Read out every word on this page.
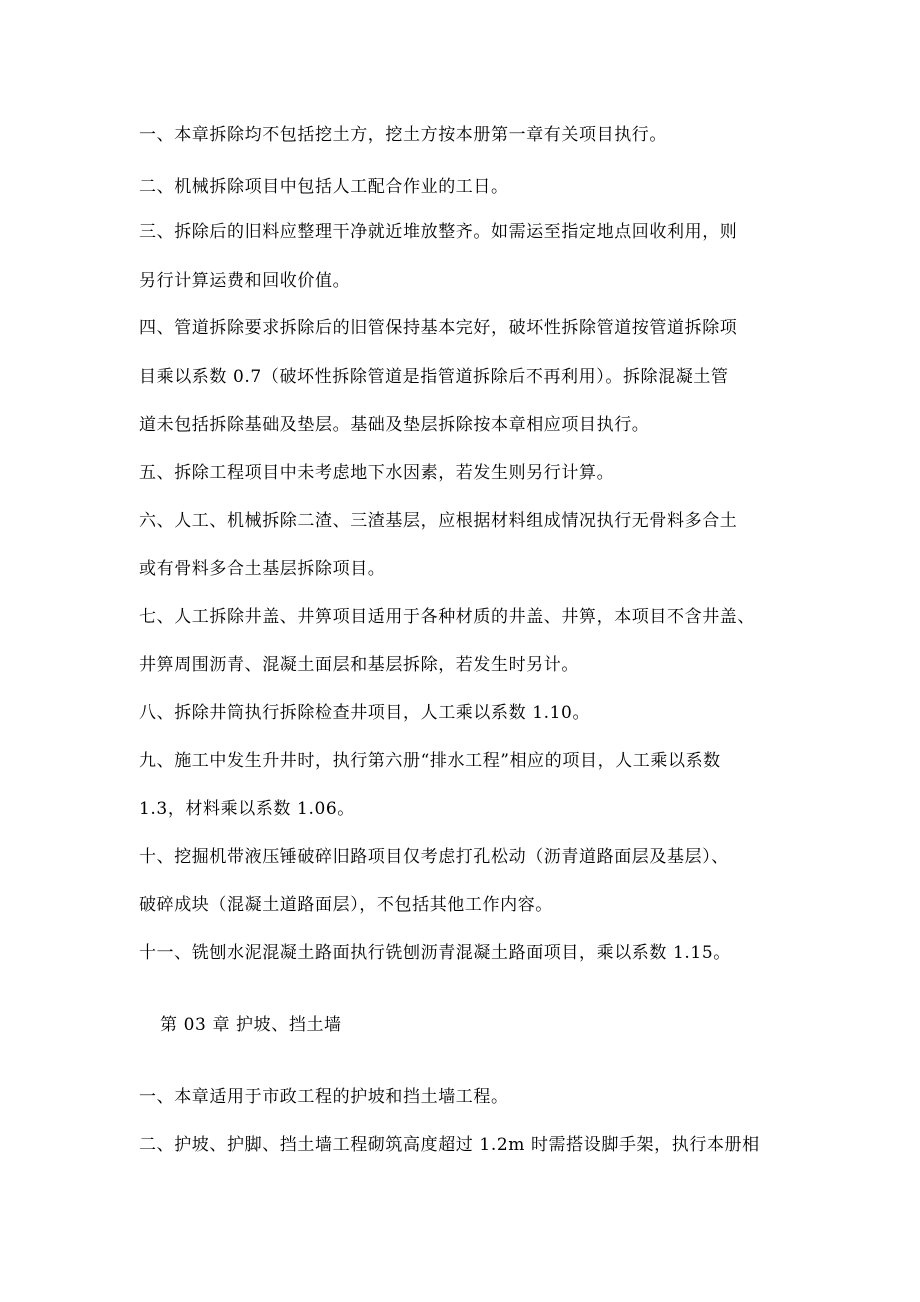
一、本章拆除均不包括挖土方，挖土方按本册第一章有关项目执行。
二、机械拆除项目中包括人工配合作业的工日。
三、拆除后的旧料应整理干净就近堆放整齐。如需运至指定地点回收利用，则
另行计算运费和回收价值。
四、管道拆除要求拆除后的旧管保持基本完好，破坏性拆除管道按管道拆除项
目乘以系数 0.7（破坏性拆除管道是指管道拆除后不再利用）。拆除混凝土管
道未包括拆除基础及垫层。基础及垫层拆除按本章相应项目执行。
五、拆除工程项目中未考虑地下水因素，若发生则另行计算。
六、人工、机械拆除二渣、三渣基层，应根据材料组成情况执行无骨料多合土
或有骨料多合土基层拆除项目。
七、人工拆除井盖、井箅项目适用于各种材质的井盖、井箅，本项目不含井盖、
井箅周围沥青、混凝土面层和基层拆除，若发生时另计。
八、拆除井筒执行拆除检查井项目，人工乘以系数 1.10。
九、施工中发生升井时，执行第六册“排水工程”相应的项目，人工乘以系数
1.3，材料乘以系数 1.06。
十、挖掘机带液压锤破碎旧路项目仅考虑打孔松动（沥青道路面层及基层）、
破碎成块（混凝土道路面层），不包括其他工作内容。
十一、铣刨水泥混凝土路面执行铣刨沥青混凝土路面项目，乘以系数 1.15。
第 03 章 护坡、挡土墙
一、本章适用于市政工程的护坡和挡土墙工程。
二、护坡、护脚、挡土墙工程砌筑高度超过 1.2m 时需搭设脚手架，执行本册相
